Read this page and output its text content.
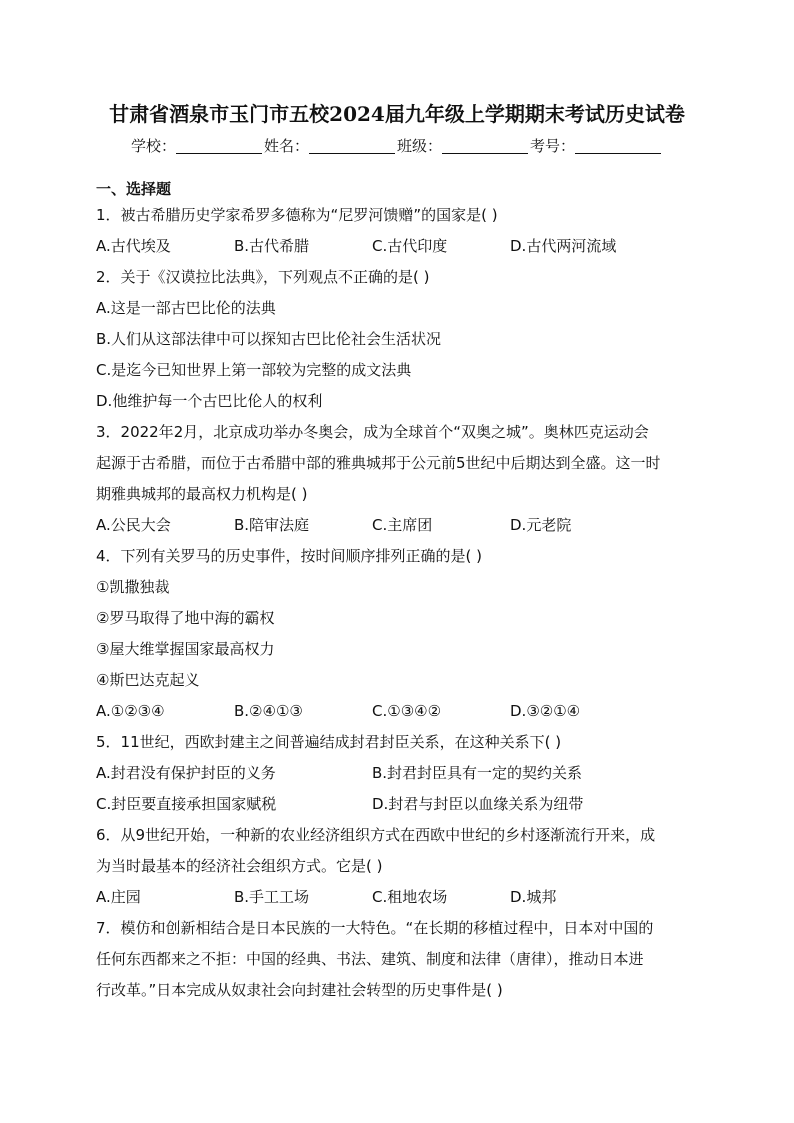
甘肃省酒泉市玉门市五校2024届九年级上学期期末考试历史试卷
学校：	姓名：	班级：	考号：
一、选择题
1．被古希腊历史学家希罗多德称为“尼罗河馈赠”的国家是( )
A.古代埃及	B.古代希腊	C.古代印度	D.古代两河流域
2．关于《汉谟拉比法典》，下列观点不正确的是( )
A.这是一部古巴比伦的法典
B.人们从这部法律中可以探知古巴比伦社会生活状况
C.是迄今已知世界上第一部较为完整的成文法典
D.他维护每一个古巴比伦人的权利
3．2022年2月，北京成功举办冬奥会，成为全球首个“双奥之城”。奥林匹克运动会
起源于古希腊，而位于古希腊中部的雅典城邦于公元前5世纪中后期达到全盛。这一时
期雅典城邦的最高权力机构是( )
A.公民大会	B.陪审法庭	C.主席团	D.元老院
4．下列有关罗马的历史事件，按时间顺序排列正确的是( )
①凯撒独裁
②罗马取得了地中海的霸权
③屋大维掌握国家最高权力
④斯巴达克起义
A.①②③④	B.②④①③	C.①③④②	D.③②①④
5．11世纪，西欧封建主之间普遍结成封君封臣关系，在这种关系下( )
A.封君没有保护封臣的义务	B.封君封臣具有一定的契约关系
C.封臣要直接承担国家赋税	D.封君与封臣以血缘关系为纽带
6．从9世纪开始，一种新的农业经济组织方式在西欧中世纪的乡村逐渐流行开来，成
为当时最基本的经济社会组织方式。它是( )
A.庄园	B.手工工场	C.租地农场	D.城邦
7．模仿和创新相结合是日本民族的一大特色。“在长期的移植过程中，日本对中国的
任何东西都来之不拒：中国的经典、书法、建筑、制度和法律（唐律），推动日本进
行改革。”日本完成从奴隶社会向封建社会转型的历史事件是( )
